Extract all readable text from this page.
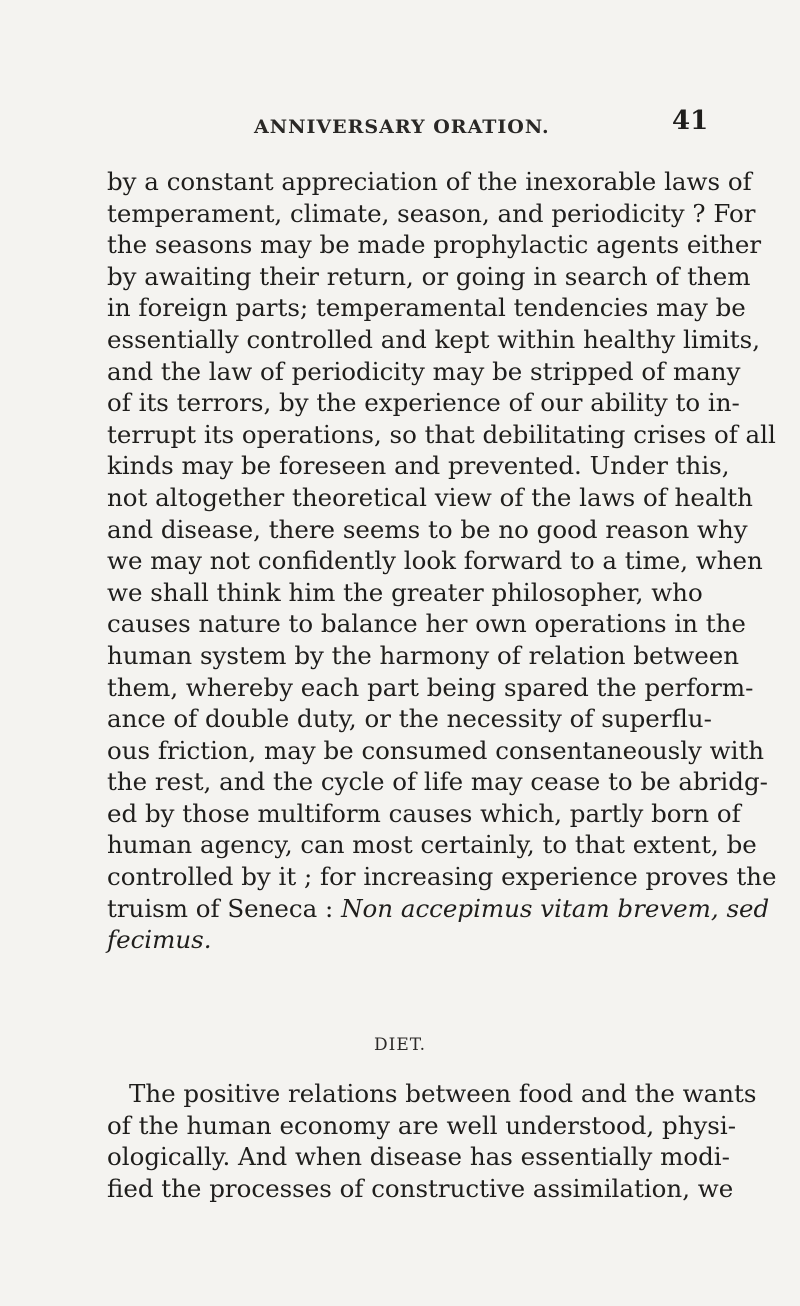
ANNIVERSARY ORATION.	41
by a constant appreciation of the inexorable laws of
temperament, climate, season, and periodicity ? For
the seasons may be made prophylactic agents either
by awaiting their return, or going in search of them
in foreign parts; temperamental tendencies may be
essentially controlled and kept within healthy limits,
and the law of periodicity may be stripped of many
of its terrors, by the experience of our ability to in-
terrupt its operations, so that debilitating crises of all
kinds may be foreseen and prevented. Under this,
not altogether theoretical view of the laws of health
and disease, there seems to be no good reason why
we may not confidently look forward to a time, when
we shall think him the greater philosopher, who
causes nature to balance her own operations in the
human system by the harmony of relation between
them, whereby each part being spared the perform-
ance of double duty, or the necessity of superflu-
ous friction, may be consumed consentaneously with
the rest, and the cycle of life may cease to be abridg-
ed by those multiform causes which, partly born of
human agency, can most certainly, to that extent, be
controlled by it ; for increasing experience proves the
truism of Seneca : Non accepimus vitam brevem, sed
fecimus.
DIET.
The positive relations between food and the wants
of the human economy are well understood, physi-
ologically. And when disease has essentially modi-
fied the processes of constructive assimilation, we
